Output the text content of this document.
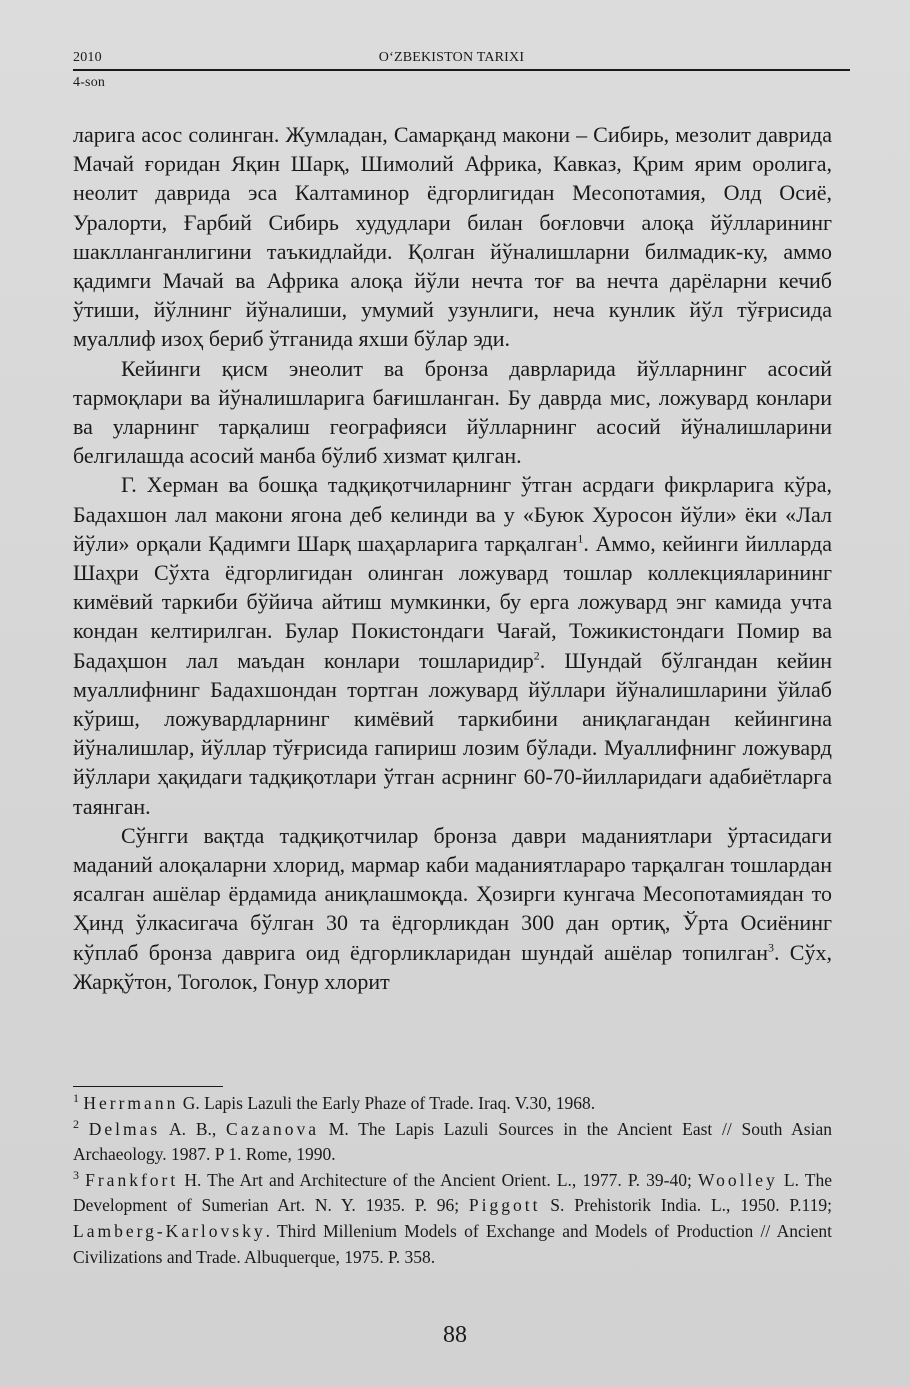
2010	O‘ZBEKISTON TARIXI
4-son

ларига асос солинган. Жумладан, Самарқанд макони – Сибирь, мезолит даврида Мачай ғоридан Яқин Шарқ, Шимолий Африка, Кавказ, Қрим ярим оролига, неолит даврида эса Калтаминор ёдгорлигидан Месопотамия, Олд Осиё, Уралорти, Ғарбий Сибирь худудлари билан боғловчи алоқа йўлларининг шаклланганлигини таъкидлайди. Қолган йўналишларни билмадик-ку, аммо қадимги Мачай ва Африка алоқа йўли нечта тоғ ва нечта дарёларни кечиб ўтиши, йўлнинг йўналиши, умумий узунлиги, неча кунлик йўл тўғрисида муаллиф изоҳ бериб ўтганида яхши бўлар эди.

Кейинги қисм энеолит ва бронза даврларида йўлларнинг асосий тармоқлари ва йўналишларига бағишланган. Бу даврда мис, ложувард конлари ва уларнинг тарқалиш географияси йўлларнинг асосий йўналишларини белгилашда асосий манба бўлиб хизмат қилган.

Г. Херман ва бошқа тадқиқотчиларнинг ўтган асрдаги фикрларига кўра, Бадахшон лал макони ягона деб келинди ва у «Буюк Хуросон йўли» ёки «Лал йўли» орқали Қадимги Шарқ шаҳарларига тарқалган$^1$. Аммо, кейинги йилларда Шаҳри Сўхта ёдгорлигидан олинган ложувард тошлар коллекцияларининг кимёвий таркиби бўйича айтиш мумкинки, бу ерга ложувард энг камида учта кондан келтирилган. Булар Покистондаги Чағай, Тожикистондаги Помир ва Бадаҳшон лал маъдан конлари тошларидир$^2$. Шундай бўлгандан кейин муаллифнинг Бадахшондан тортган ложувард йўллари йўналишларини ўйлаб кўриш, ложувардларнинг кимёвий таркибини аниқлагандан кейингина йўналишлар, йўллар тўғрисида гапириш лозим бўлади. Муаллифнинг ложувард йўллари ҳақидаги тадқиқотлари ўтган асрнинг 60-70-йилларидаги адабиётларга таянган.

Сўнгги вақтда тадқиқотчилар бронза даври маданиятлари ўртасидаги маданий алоқаларни хлорид, мармар каби маданиятлараро тарқалган тошлардан ясалган ашёлар ёрдамида аниқлашмоқда. Ҳозирги кунгача Месопотамиядан то Ҳинд ўлкасигача бўлган 30 та ёдгорликдан 300 дан ортиқ, Ўрта Осиёнинг кўплаб бронза даврига оид ёдгорликларидан шундай ашёлар топилган$^3$. Сўх, Жарқўтон, Тоголок, Гонур хлорит

$^1$ Herrmann G. Lapis Lazuli the Early Phaze of Trade. Iraq. V.30, 1968.

$^2$ Delmas A. B., Cazanova M. The Lapis Lazuli Sources in the Ancient East // South Asian Archaeology. 1987. P 1. Rome, 1990.

$^3$ Frankfort H. The Art and Architecture of the Ancient Orient. L., 1977. P. 39-40; Woolley L. The Development of Sumerian Art. N. Y. 1935. P. 96; Piggott S. Prehistorik India. L., 1950. P.119; Lamberg-Karlovsky. Third Millenium Models of Exchange and Models of Production // Ancient Civilizations and Trade. Albuquerque, 1975. P. 358.

88
